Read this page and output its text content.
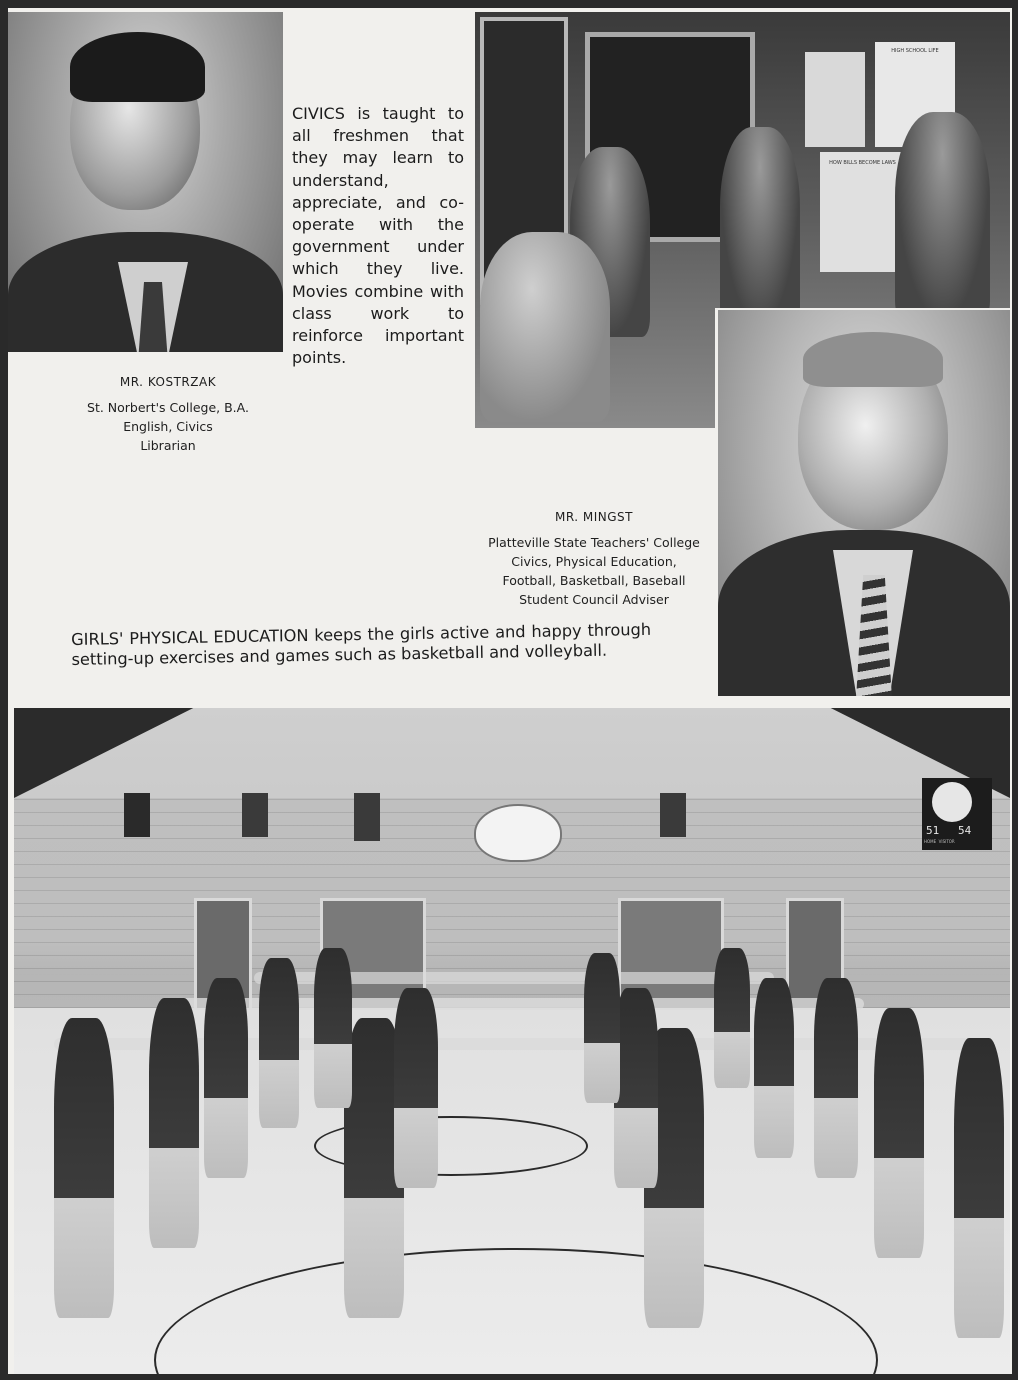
CIVICS is taught to all freshmen that they may learn to understand, appreciate, and co-operate with the government under which they live. Movies combine with class work to reinforce important points.
HIGH SCHOOL LIFE
HOW BILLS BECOME LAWS
MR. KOSTRZAK
St. Norbert's College, B.A.
English, Civics
Librarian
MR. MINGST
Platteville State Teachers' College
Civics, Physical Education,
Football, Basketball, Baseball
Student Council Adviser
GIRLS' PHYSICAL EDUCATION keeps the girls active and happy through setting-up exercises and games such as basketball and volleyball.
51 54
HOME  VISITOR
